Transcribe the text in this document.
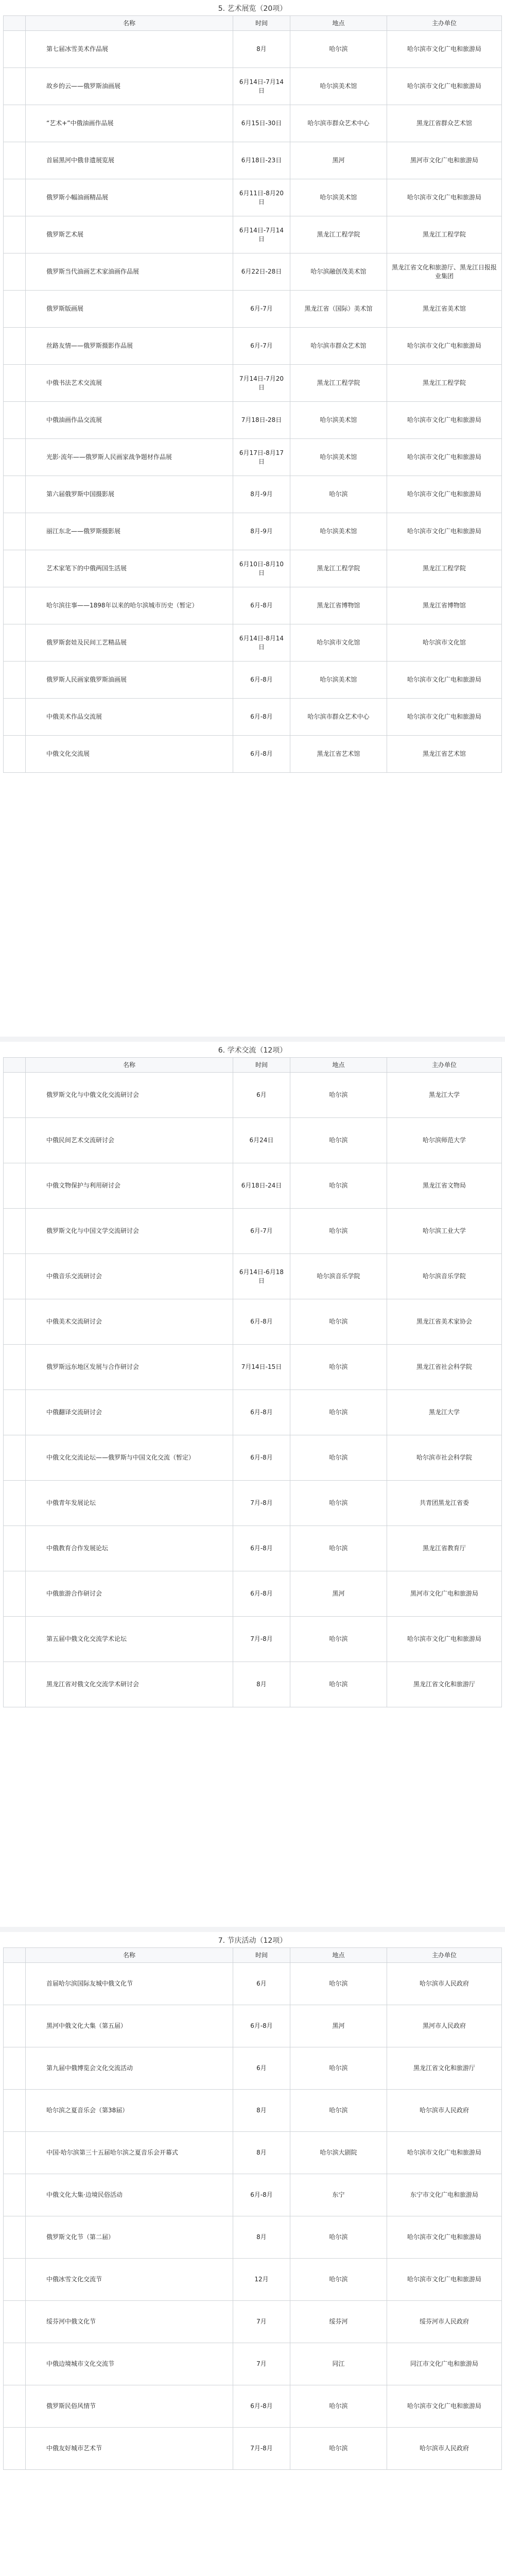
5. 艺术展览（20项）
	名称	时间	地点	主办单位
	第七届冰雪美术作品展	8月	哈尔滨	哈尔滨市文化广电和旅游局
	故乡的云——俄罗斯油画展	6月14日-7月14日	哈尔滨美术馆	哈尔滨市文化广电和旅游局
	“艺术+”中俄油画作品展	6月15日-30日	哈尔滨市群众艺术中心	黑龙江省群众艺术馆
	首届黑河中俄非遗展览展	6月18日-23日	黑河	黑河市文化广电和旅游局
	俄罗斯小幅油画精品展	6月11日-8月20日	哈尔滨美术馆	哈尔滨市文化广电和旅游局
	俄罗斯艺术展	6月14日-7月14日	黑龙江工程学院	黑龙江工程学院
	俄罗斯当代油画艺术家油画作品展	6月22日-28日	哈尔滨融创茂美术馆	黑龙江省文化和旅游厅、黑龙江日报报业集团
	俄罗斯版画展	6月-7月	黑龙江省（国际）美术馆	黑龙江省美术馆
	丝路友情——俄罗斯摄影作品展	6月-7月	哈尔滨市群众艺术馆	哈尔滨市文化广电和旅游局
	中俄书法艺术交流展	7月14日-7月20日	黑龙江工程学院	黑龙江工程学院
	中俄油画作品交流展	7月18日-28日	哈尔滨美术馆	哈尔滨市文化广电和旅游局
	光影·流年——俄罗斯人民画家战争题材作品展	6月17日-8月17日	哈尔滨美术馆	哈尔滨市文化广电和旅游局
	第六届俄罗斯中国摄影展	8月-9月	哈尔滨	哈尔滨市文化广电和旅游局
	丽江东北——俄罗斯摄影展	8月-9月	哈尔滨美术馆	哈尔滨市文化广电和旅游局
	艺术家笔下的中俄两国生活展	6月10日-8月10日	黑龙江工程学院	黑龙江工程学院
	哈尔滨往事——1898年以来的哈尔滨城市历史（暂定）	6月-8月	黑龙江省博物馆	黑龙江省博物馆
	俄罗斯套娃及民间工艺精品展	6月14日-8月14日	哈尔滨市文化馆	哈尔滨市文化馆
	俄罗斯人民画家俄罗斯油画展	6月-8月	哈尔滨美术馆	哈尔滨市文化广电和旅游局
	中俄美术作品交流展	6月-8月	哈尔滨市群众艺术中心	哈尔滨市文化广电和旅游局
	中俄文化交流展	6月-8月	黑龙江省艺术馆	黑龙江省艺术馆
6. 学术交流（12项）
	名称	时间	地点	主办单位
	俄罗斯文化与中俄文化交流研讨会	6月	哈尔滨	黑龙江大学
	中俄民间艺术交流研讨会	6月24日	哈尔滨	哈尔滨师范大学
	中俄文物保护与利用研讨会	6月18日-24日	哈尔滨	黑龙江省文物局
	俄罗斯文化与中国文学交流研讨会	6月-7月	哈尔滨	哈尔滨工业大学
	中俄音乐交流研讨会	6月14日-6月18日	哈尔滨音乐学院	哈尔滨音乐学院
	中俄美术交流研讨会	6月-8月	哈尔滨	黑龙江省美术家协会
	俄罗斯远东地区发展与合作研讨会	7月14日-15日	哈尔滨	黑龙江省社会科学院
	中俄翻译交流研讨会	6月-8月	哈尔滨	黑龙江大学
	中俄文化交流论坛——俄罗斯与中国文化交流（暂定）	6月-8月	哈尔滨	哈尔滨市社会科学院
	中俄青年发展论坛	7月-8月	哈尔滨	共青团黑龙江省委
	中俄教育合作发展论坛	6月-8月	哈尔滨	黑龙江省教育厅
	中俄旅游合作研讨会	6月-8月	黑河	黑河市文化广电和旅游局
	第五届中俄文化交流学术论坛	7月-8月	哈尔滨	哈尔滨市文化广电和旅游局
	黑龙江省对俄文化交流学术研讨会	8月	哈尔滨	黑龙江省文化和旅游厅
7. 节庆活动（12项）
	名称	时间	地点	主办单位
	首届哈尔滨国际友城中俄文化节	6月	哈尔滨	哈尔滨市人民政府
	黑河中俄文化大集（第五届）	6月-8月	黑河	黑河市人民政府
	第九届中俄博览会文化交流活动	6月	哈尔滨	黑龙江省文化和旅游厅
	哈尔滨之夏音乐会（第38届）	8月	哈尔滨	哈尔滨市人民政府
	中国·哈尔滨第三十五届哈尔滨之夏音乐会开幕式	8月	哈尔滨大剧院	哈尔滨市文化广电和旅游局
	中俄文化大集·边境民俗活动	6月-8月	东宁	东宁市文化广电和旅游局
	俄罗斯文化节（第二届）	8月	哈尔滨	哈尔滨市文化广电和旅游局
	中俄冰雪文化交流节	12月	哈尔滨	哈尔滨市文化广电和旅游局
	绥芬河中俄文化节	7月	绥芬河	绥芬河市人民政府
	中俄边境城市文化交流节	7月	同江	同江市文化广电和旅游局
	俄罗斯民俗风情节	6月-8月	哈尔滨	哈尔滨市文化广电和旅游局
	中俄友好城市艺术节	7月-8月	哈尔滨	哈尔滨市人民政府
